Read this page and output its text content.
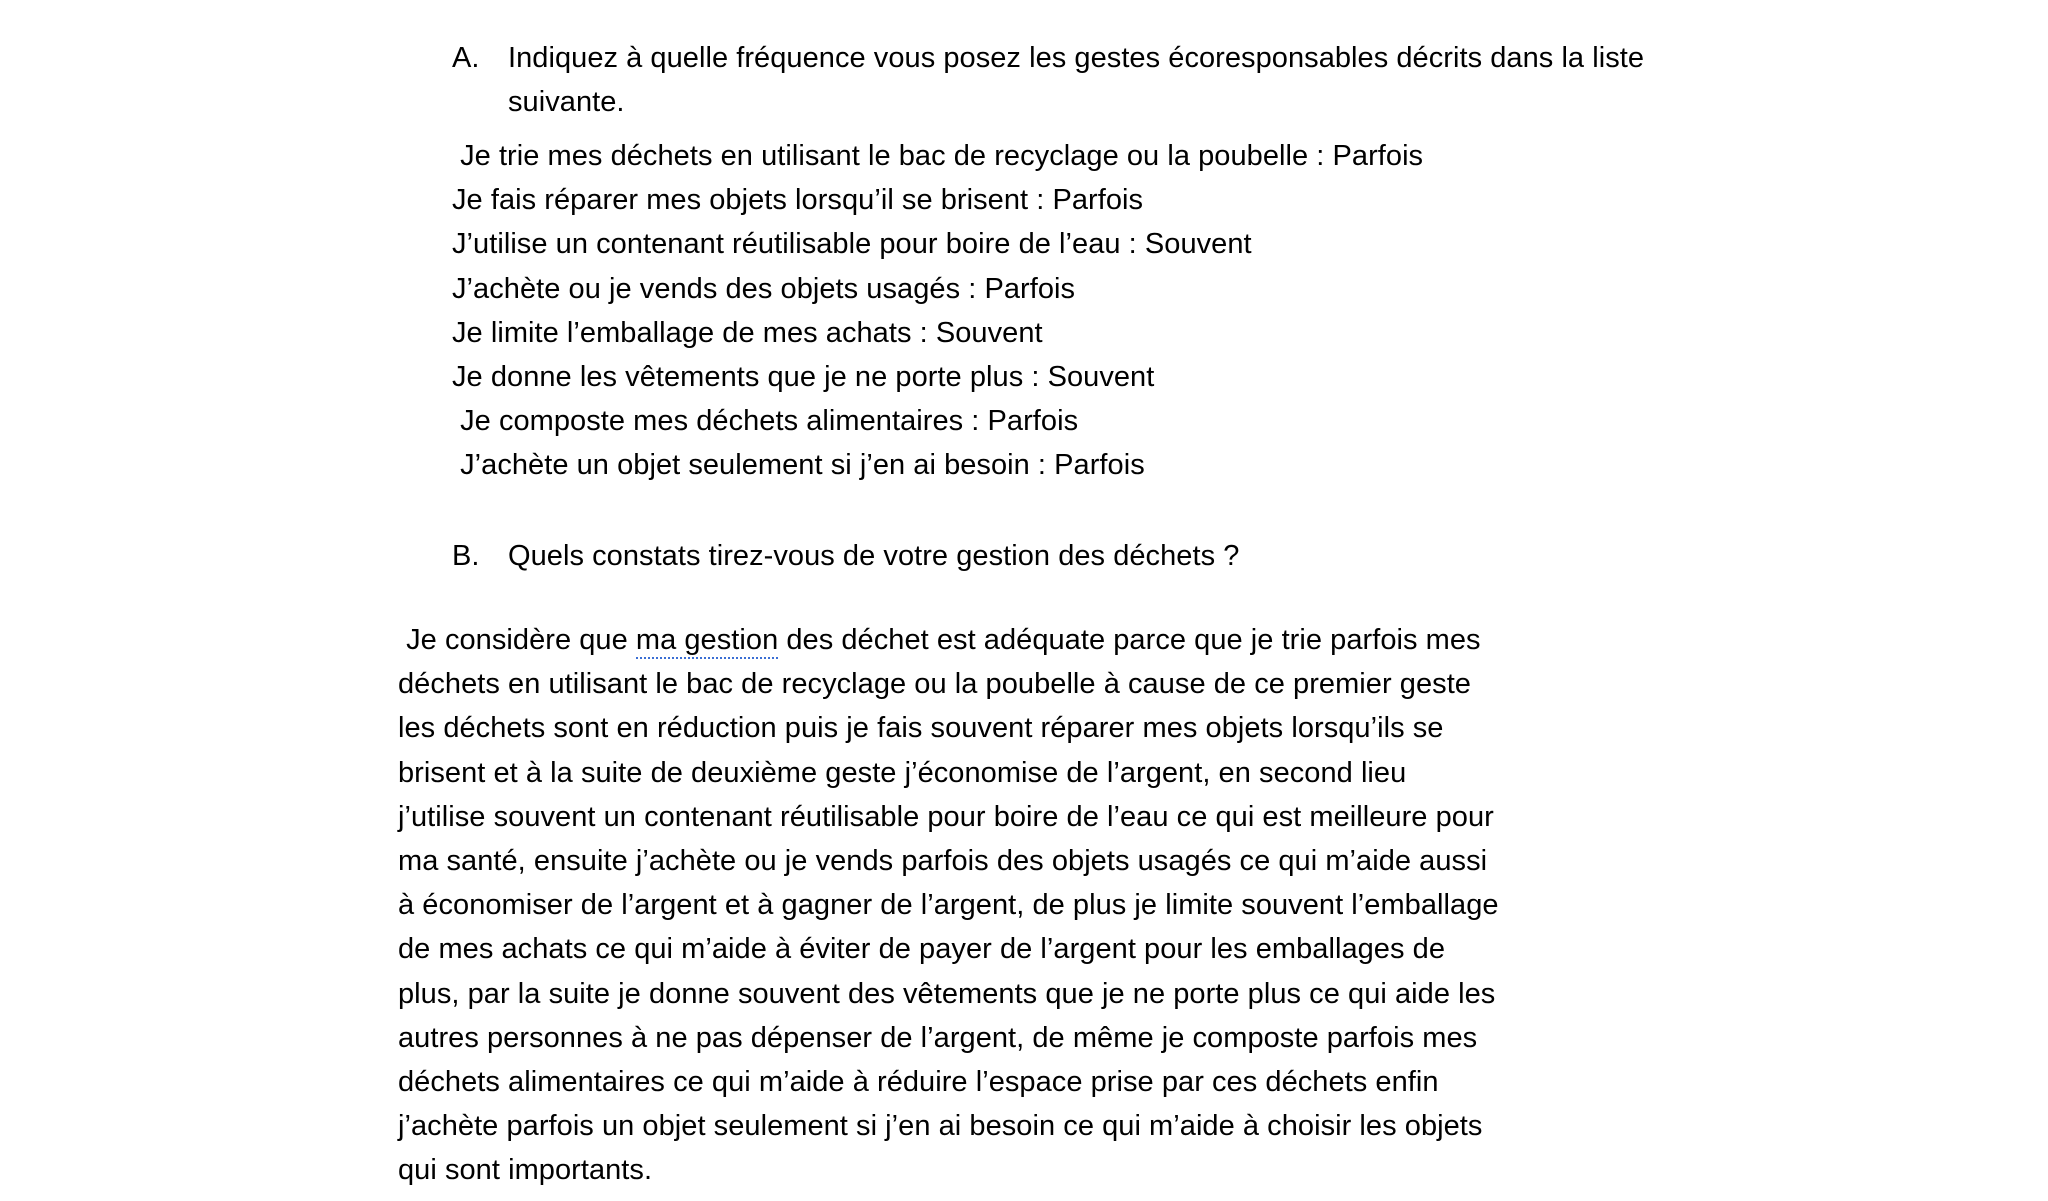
A. Indiquez à quelle fréquence vous posez les gestes écoresponsables décrits dans la liste suivante.
Je trie mes déchets en utilisant le bac de recyclage ou la poubelle : Parfois
Je fais réparer mes objets lorsqu’il se brisent : Parfois
J’utilise un contenant réutilisable pour boire de l’eau : Souvent
J’achète ou je vends des objets usagés : Parfois
Je limite l’emballage de mes achats : Souvent
Je donne les vêtements que je ne porte plus : Souvent
Je composte mes déchets alimentaires : Parfois
J’achète un objet seulement si j’en ai besoin : Parfois
B. Quels constats tirez-vous de votre gestion des déchets ?
Je considère que ma gestion des déchet est adéquate parce que je trie parfois mes
déchets en utilisant le bac de recyclage ou la poubelle à cause de ce premier geste
les déchets sont en réduction puis je fais souvent réparer mes objets lorsqu’ils se
brisent et à la suite de deuxième geste j’économise de l’argent, en second lieu
j’utilise souvent un contenant réutilisable pour boire de l’eau ce qui est meilleure pour
ma santé, ensuite j’achète ou je vends parfois des objets usagés ce qui m’aide aussi
à économiser de l’argent et à gagner de l’argent, de plus je limite souvent l’emballage
de mes achats ce qui m’aide à éviter de payer de l’argent pour les emballages de
plus, par la suite je donne souvent des vêtements que je ne porte plus ce qui aide les
autres personnes à ne pas dépenser de l’argent, de même je composte parfois mes
déchets alimentaires ce qui m’aide à réduire l’espace prise par ces déchets enfin
j’achète parfois un objet seulement si j’en ai besoin ce qui m’aide à choisir les objets
qui sont importants.
